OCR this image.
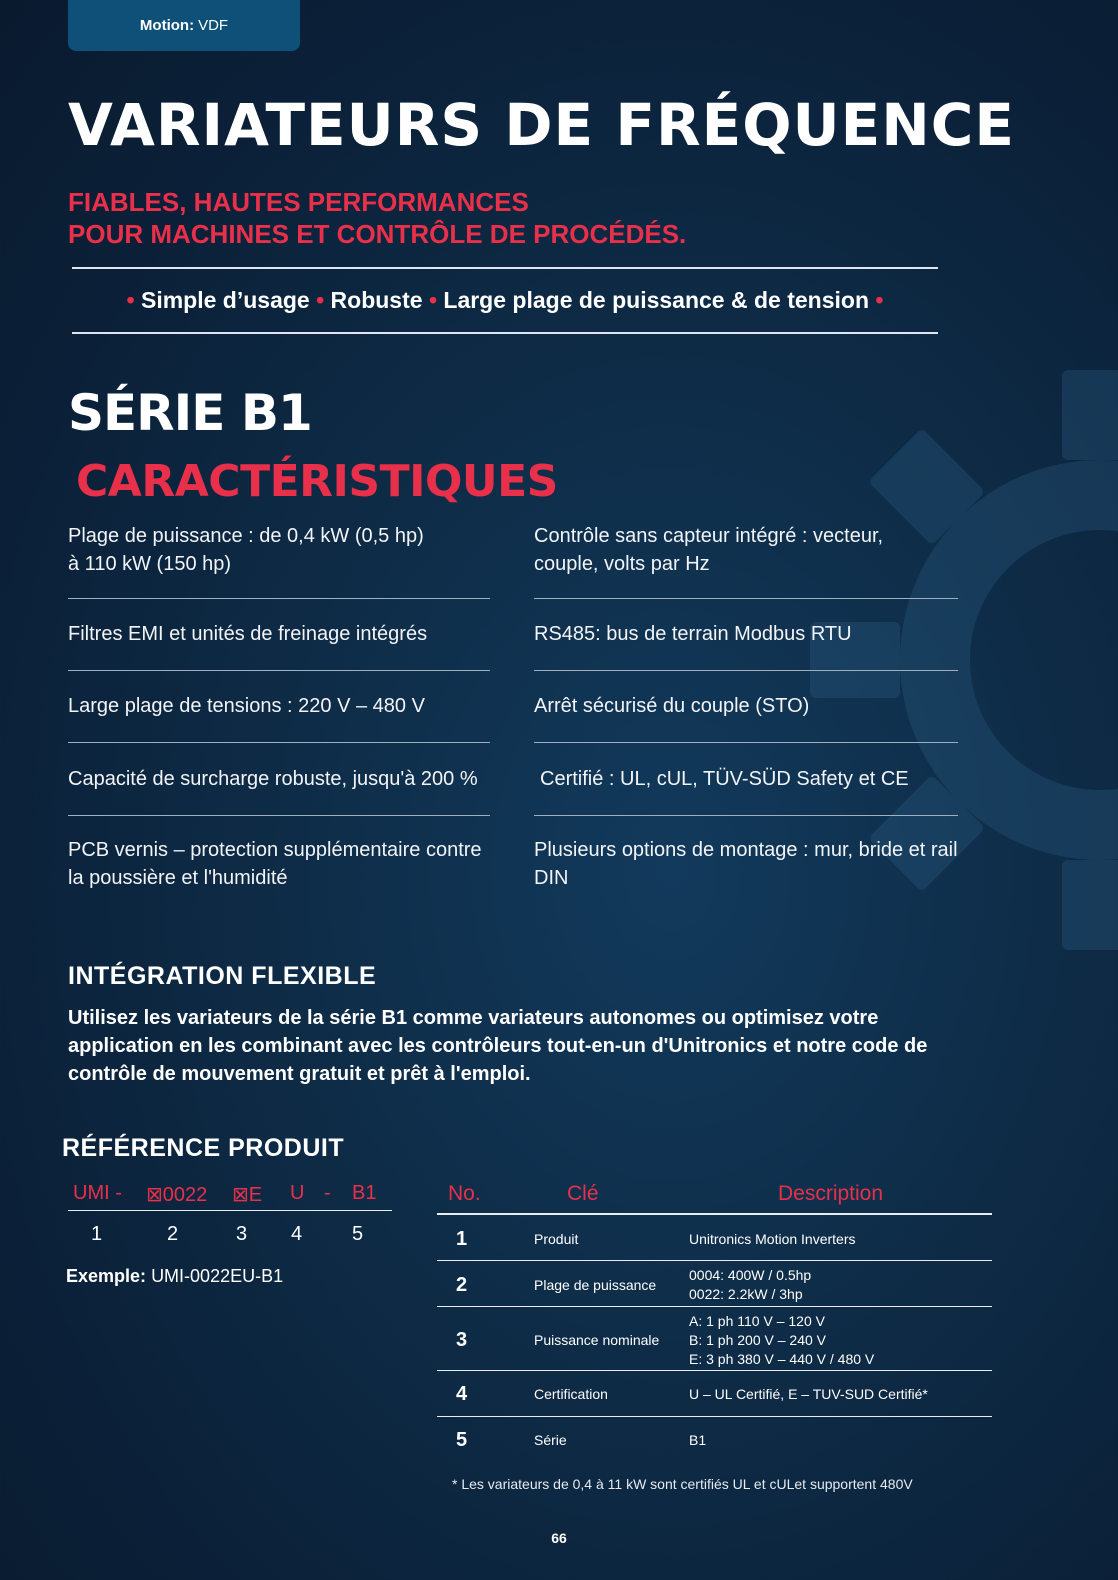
Motion: VDF
VARIATEURS DE FRÉQUENCE
FIABLES, HAUTES PERFORMANCES
POUR MACHINES ET CONTRÔLE DE PROCÉDÉS.
• Simple d’usage • Robuste • Large plage de puissance & de tension •
SÉRIE B1
CARACTÉRISTIQUES
Plage de puissance : de 0,4 kW (0,5 hp) à 110 kW (150 hp)
Filtres EMI et unités de freinage intégrés
Large plage de tensions : 220 V – 480 V
Capacité de surcharge robuste, jusqu'à 200 %
PCB vernis – protection supplémentaire contre la poussière et l'humidité
Contrôle sans capteur intégré : vecteur, couple, volts par Hz
RS485: bus de terrain Modbus RTU
Arrêt sécurisé du couple (STO)
Certifié : UL, cUL, TÜV-SÜD Safety et CE
Plusieurs options de montage : mur, bride et rail DIN
INTÉGRATION FLEXIBLE

Utilisez les variateurs de la série B1 comme variateurs autonomes ou optimisez votre application en les combinant avec les contrôleurs tout-en-un d'Unitronics et notre code de contrôle de mouvement gratuit et prêt à l'emploi.

RÉFÉRENCE PRODUIT
UMI - ⊠0022 ⊠E U - B1
1	2	3 4 5
Exemple: UMI-0022EU-B1
No.	Clé	Description
1	Produit	Unitronics Motion Inverters
2	Plage de puissance
0004: 400W / 0.5hp
0022: 2.2kW / 3hp
3	Puissance nominale
A: 1 ph 110 V – 120 V
B: 1 ph 200 V – 240 V
E: 3 ph 380 V – 440 V / 480 V
4	Certification	U – UL Certifié, E – TUV-SUD Certifié*
5	Série	B1
* Les variateurs de 0,4 à 11 kW sont certifiés UL et cULet supportent 480V
66
